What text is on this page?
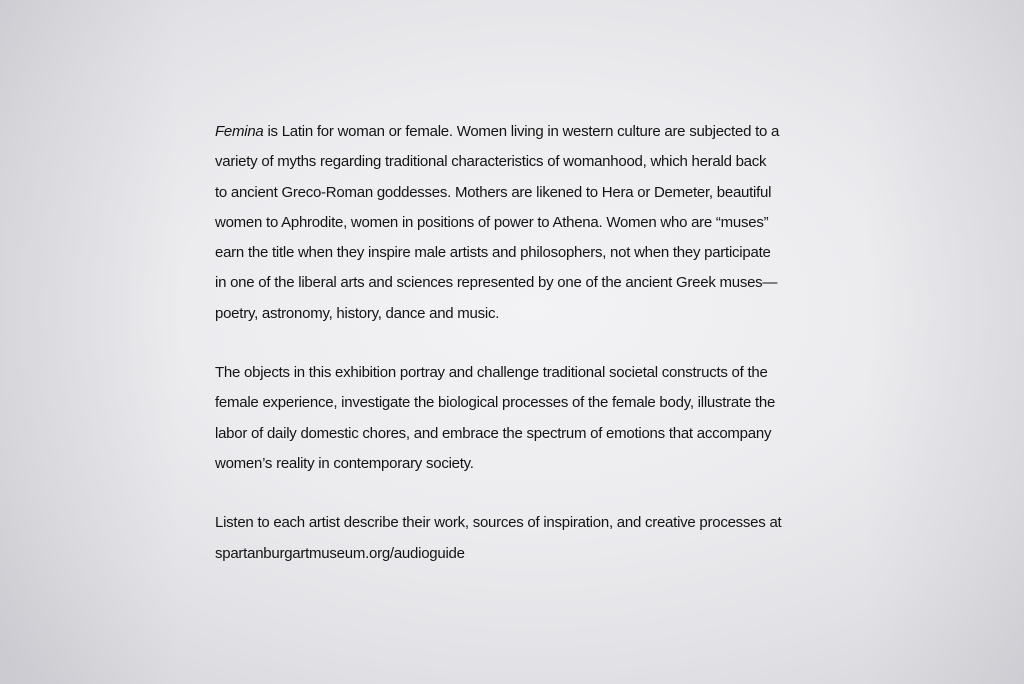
Femina is Latin for woman or female. Women living in western culture are subjected to a
variety of myths regarding traditional characteristics of womanhood, which herald back
to ancient Greco-Roman goddesses. Mothers are likened to Hera or Demeter, beautiful
women to Aphrodite, women in positions of power to Athena. Women who are “muses”
earn the title when they inspire male artists and philosophers, not when they participate
in one of the liberal arts and sciences represented by one of the ancient Greek muses—
poetry, astronomy, history, dance and music.

The objects in this exhibition portray and challenge traditional societal constructs of the
female experience, investigate the biological processes of the female body, illustrate the
labor of daily domestic chores, and embrace the spectrum of emotions that accompany
women’s reality in contemporary society.

Listen to each artist describe their work, sources of inspiration, and creative processes at
spartanburgartmuseum.org/audioguide
